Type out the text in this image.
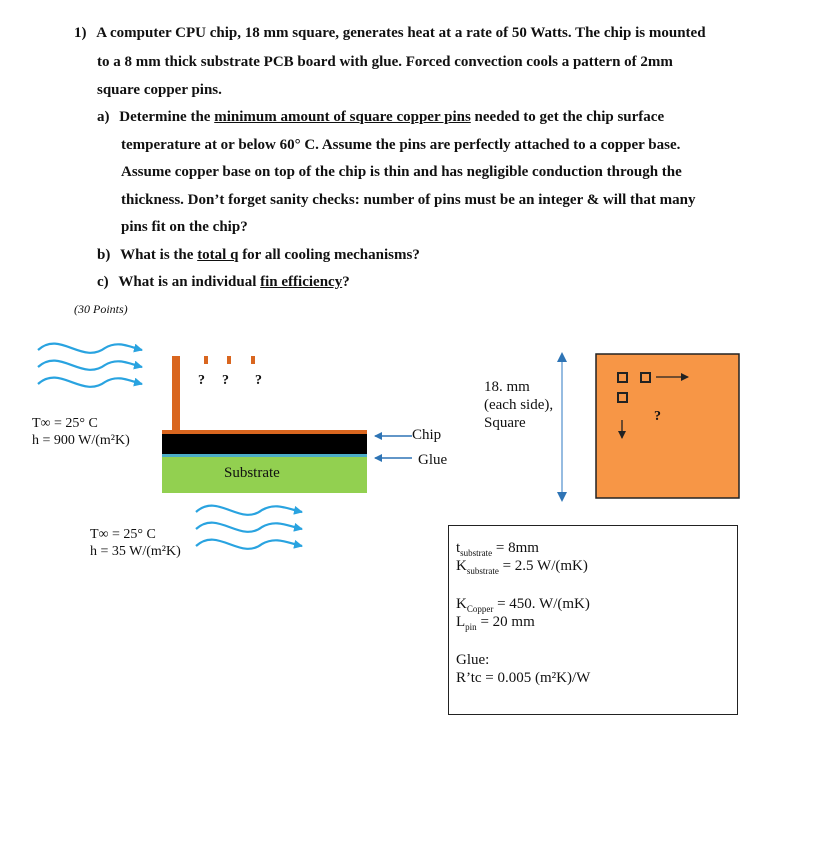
1) A computer CPU chip, 18 mm square, generates heat at a rate of 50 Watts. The chip is mounted
to a 8 mm thick substrate PCB board with glue. Forced convection cools a pattern of 2mm
square copper pins.
a) Determine the minimum amount of square copper pins needed to get the chip surface
temperature at or below 60° C. Assume the pins are perfectly attached to a copper base.
Assume copper base on top of the chip is thin and has negligible conduction through the
thickness. Don’t forget sanity checks: number of pins must be an integer & will that many
pins fit on the chip?
b) What is the total q for all cooling mechanisms?
c) What is an individual fin efficiency?
(30 Points)
T∞ = 25° C
h = 900 W/(m²K)
? ? ?
Substrate
Chip
Glue
T∞ = 25° C
h = 35 W/(m²K)
18. mm
(each side),
Square	?
$t_{substrate} = 8mm$
$K_{substrate} = 2.5$ W/(mK)
$K_{Copper} = 450$. W/(mK)
$L_{pin} = 20$ mm
Glue:
R’tc = 0.005 (m²K)/W
